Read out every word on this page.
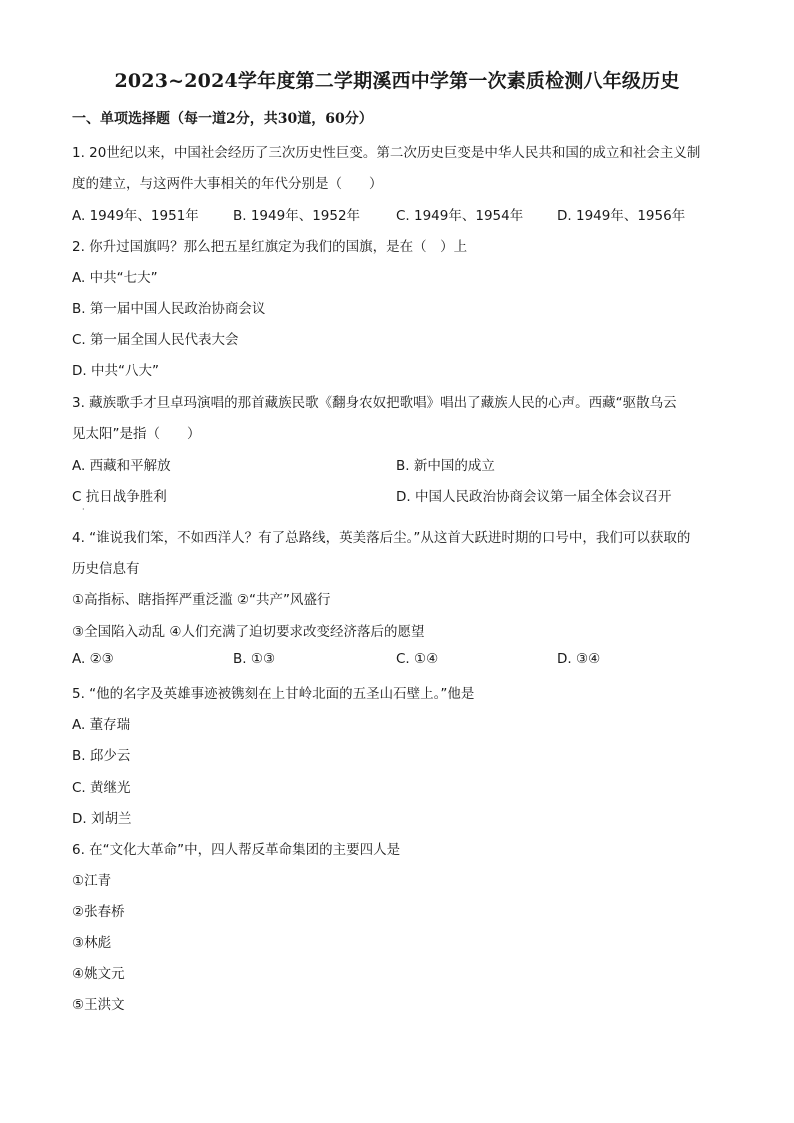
2023~2024学年度第二学期溪西中学第一次素质检测八年级历史
一、单项选择题（每一道2分，共30道，60分）
1. 20世纪以来，中国社会经历了三次历史性巨变。第二次历史巨变是中华人民共和国的成立和社会主义制
度的建立，与这两件大事相关的年代分别是（　　）
A. 1949年、1951年	B. 1949年、1952年	C. 1949年、1954年	D. 1949年、1956年
2. 你升过国旗吗？那么把五星红旗定为我们的国旗，是在（　）上
A. 中共“七大”
B. 第一届中国人民政治协商会议
C. 第一届全国人民代表大会
D. 中共“八大”
3. 藏族歌手才旦卓玛演唱的那首藏族民歌《翻身农奴把歌唱》唱出了藏族人民的心声。西藏“驱散乌云
见太阳”是指（　　）
A. 西藏和平解放	B. 新中国的成立
C 抗日战争胜利	D. 中国人民政治协商会议第一届全体会议召开
·
4. “谁说我们笨，不如西洋人？有了总路线，英美落后尘。”从这首大跃进时期的口号中，我们可以获取的
历史信息有
①高指标、瞎指挥严重泛滥 ②“共产”风盛行
③全国陷入动乱 ④人们充满了迫切要求改变经济落后的愿望
A. ②③	B. ①③	C. ①④	D. ③④
5. “他的名字及英雄事迹被镌刻在上甘岭北面的五圣山石壁上。”他是
A. 董存瑞
B. 邱少云
C. 黄继光
D. 刘胡兰
6. 在“文化大革命”中，四人帮反革命集团的主要四人是
①江青
②张春桥
③林彪
④姚文元
⑤王洪文
